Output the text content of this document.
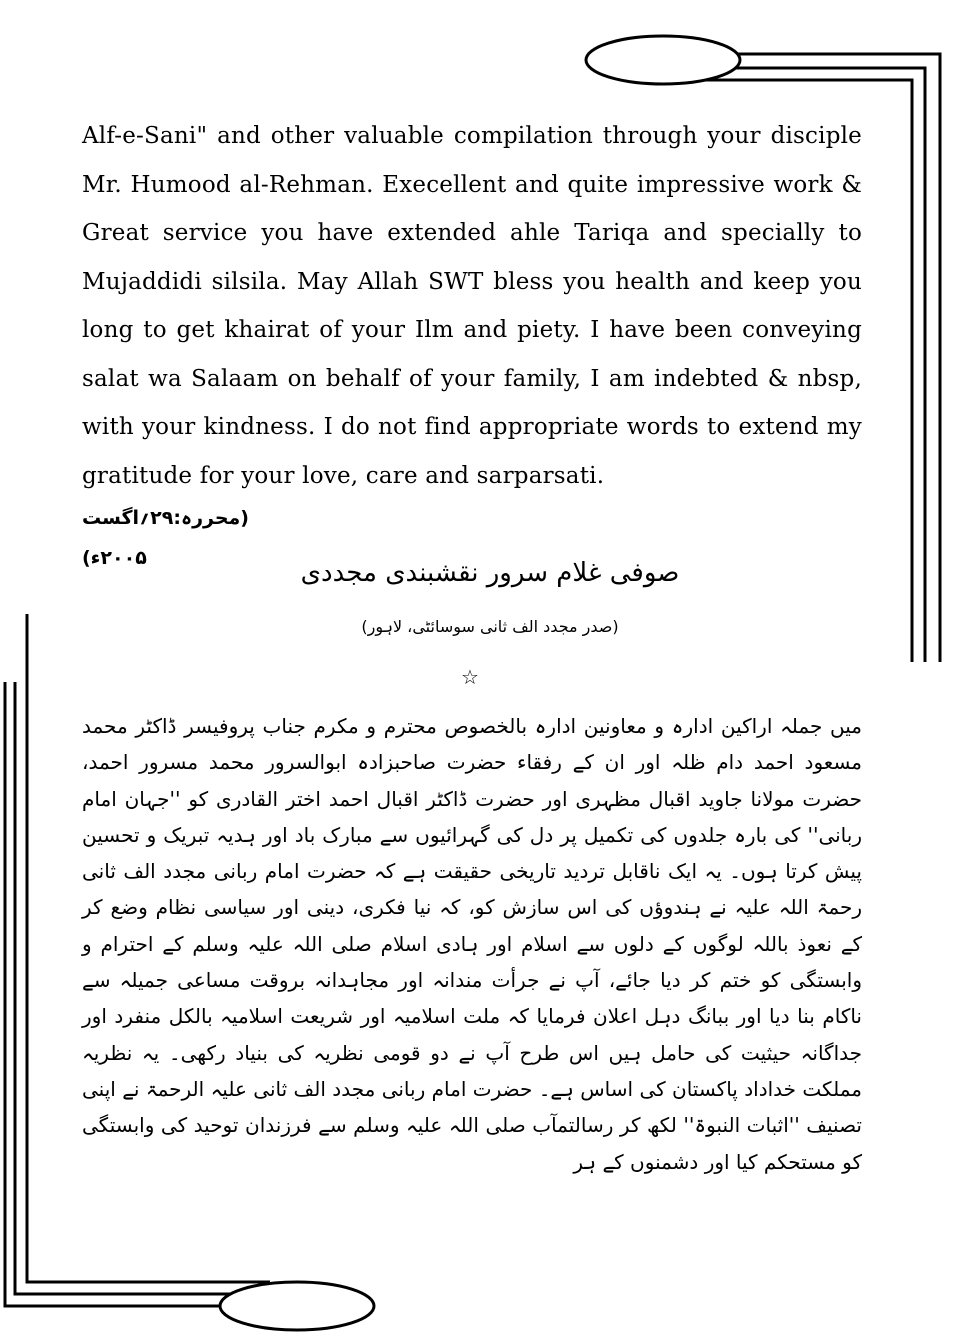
Alf-e-Sani" and other valuable compilation through your disciple Mr. Humood al-Rehman. Execellent and quite impressive work & Great service you have extended ahle Tariqa and specially to Mujaddidi silsila. May Allah SWT bless you health and keep you long to get khairat of your Ilm and piety. I have been conveying salat wa Salaam on behalf of your family, I am indebted & nbsp, with your kindness. I do not find appropriate words to extend my gratitude for your love, care and sarparsati.

(محررہ:۲۹؍اگست ۲۰۰۵ء)	صوفی غلام سرور نقشبندی مجددی
(صدر مجدد الف ثانی سوسائٹی، لاہور)
☆

میں جملہ اراکین ادارہ و معاونین ادارہ بالخصوص محترم و مکرم جناب پروفیسر ڈاکٹر محمد مسعود احمد دام ظلہ اور ان کے رفقاء حضرت صاحبزادہ ابوالسرور محمد مسرور احمد، حضرت مولانا جاوید اقبال مظہری اور حضرت ڈاکٹر اقبال احمد اختر القادری کو ''جہان امام ربانی'' کی بارہ جلدوں کی تکمیل پر دل کی گہرائیوں سے مبارک باد اور ہدیہ تبریک و تحسین پیش کرتا ہوں۔ یہ ایک ناقابل تردید تاریخی حقیقت ہے کہ حضرت امام ربانی مجدد الف ثانی رحمۃ اللہ علیہ نے ہندوؤں کی اس سازش کو، کہ نیا فکری، دینی اور سیاسی نظام وضع کر کے نعوذ باللہ لوگوں کے دلوں سے اسلام اور ہادی اسلام صلی اللہ علیہ وسلم کے احترام و وابستگی کو ختم کر دیا جائے، آپ نے جرأت مندانہ اور مجاہدانہ بروقت مساعی جمیلہ سے ناکام بنا دیا اور ببانگ دہل اعلان فرمایا کہ ملت اسلامیہ اور شریعت اسلامیہ بالکل منفرد اور جداگانہ حیثیت کی حامل ہیں اس طرح آپ نے دو قومی نظریہ کی بنیاد رکھی۔ یہ نظریہ مملکت خداداد پاکستان کی اساس ہے۔ حضرت امام ربانی مجدد الف ثانی علیہ الرحمۃ نے اپنی تصنیف ''اثبات النبوۃ'' لکھ کر رسالتمآب صلی اللہ علیہ وسلم سے فرزندان توحید کی وابستگی کو مستحکم کیا اور دشمنوں کے ہر
